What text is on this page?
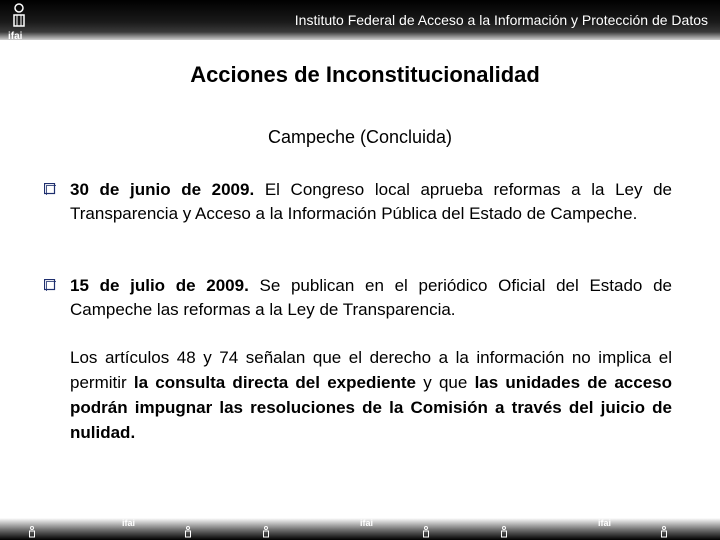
ifai
Instituto Federal de Acceso a la Información y Protección de Datos
Acciones de Inconstitucionalidad
Campeche (Concluida)
30 de junio de 2009. El Congreso local aprueba reformas a la Ley de Transparencia y Acceso a la Información Pública del Estado de Campeche.
15 de julio de 2009. Se publican en el periódico Oficial del Estado de Campeche las reformas a la Ley de Transparencia.
Los artículos 48 y 74 señalan que el derecho a la información no implica el permitir la consulta directa del expediente y que las unidades de acceso podrán impugnar las resoluciones de la Comisión a través del juicio de nulidad.
ifai	ifai	ifai
